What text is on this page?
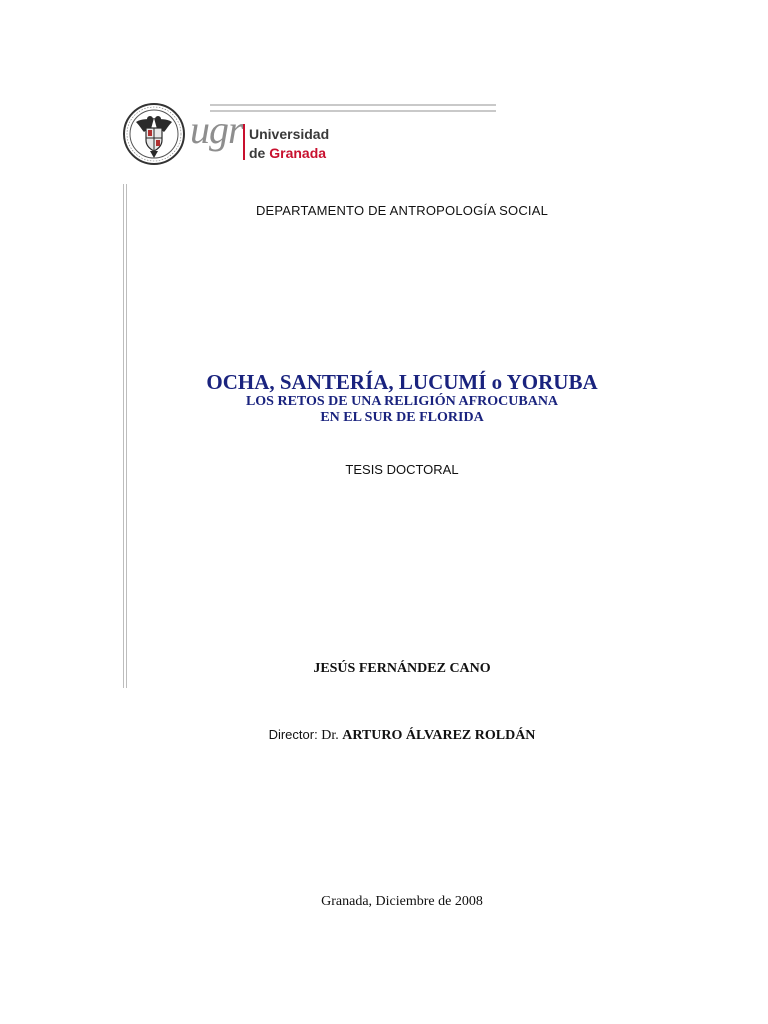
ugr Universidad
de Granada
DEPARTAMENTO DE ANTROPOLOGÍA SOCIAL
OCHA, SANTERÍA, LUCUMÍ o YORUBA
LOS RETOS DE UNA RELIGIÓN AFROCUBANA
EN EL SUR DE FLORIDA
TESIS DOCTORAL
JESÚS FERNÁNDEZ CANO
Director: Dr. ARTURO ÁLVAREZ ROLDÁN
Granada, Diciembre de 2008
